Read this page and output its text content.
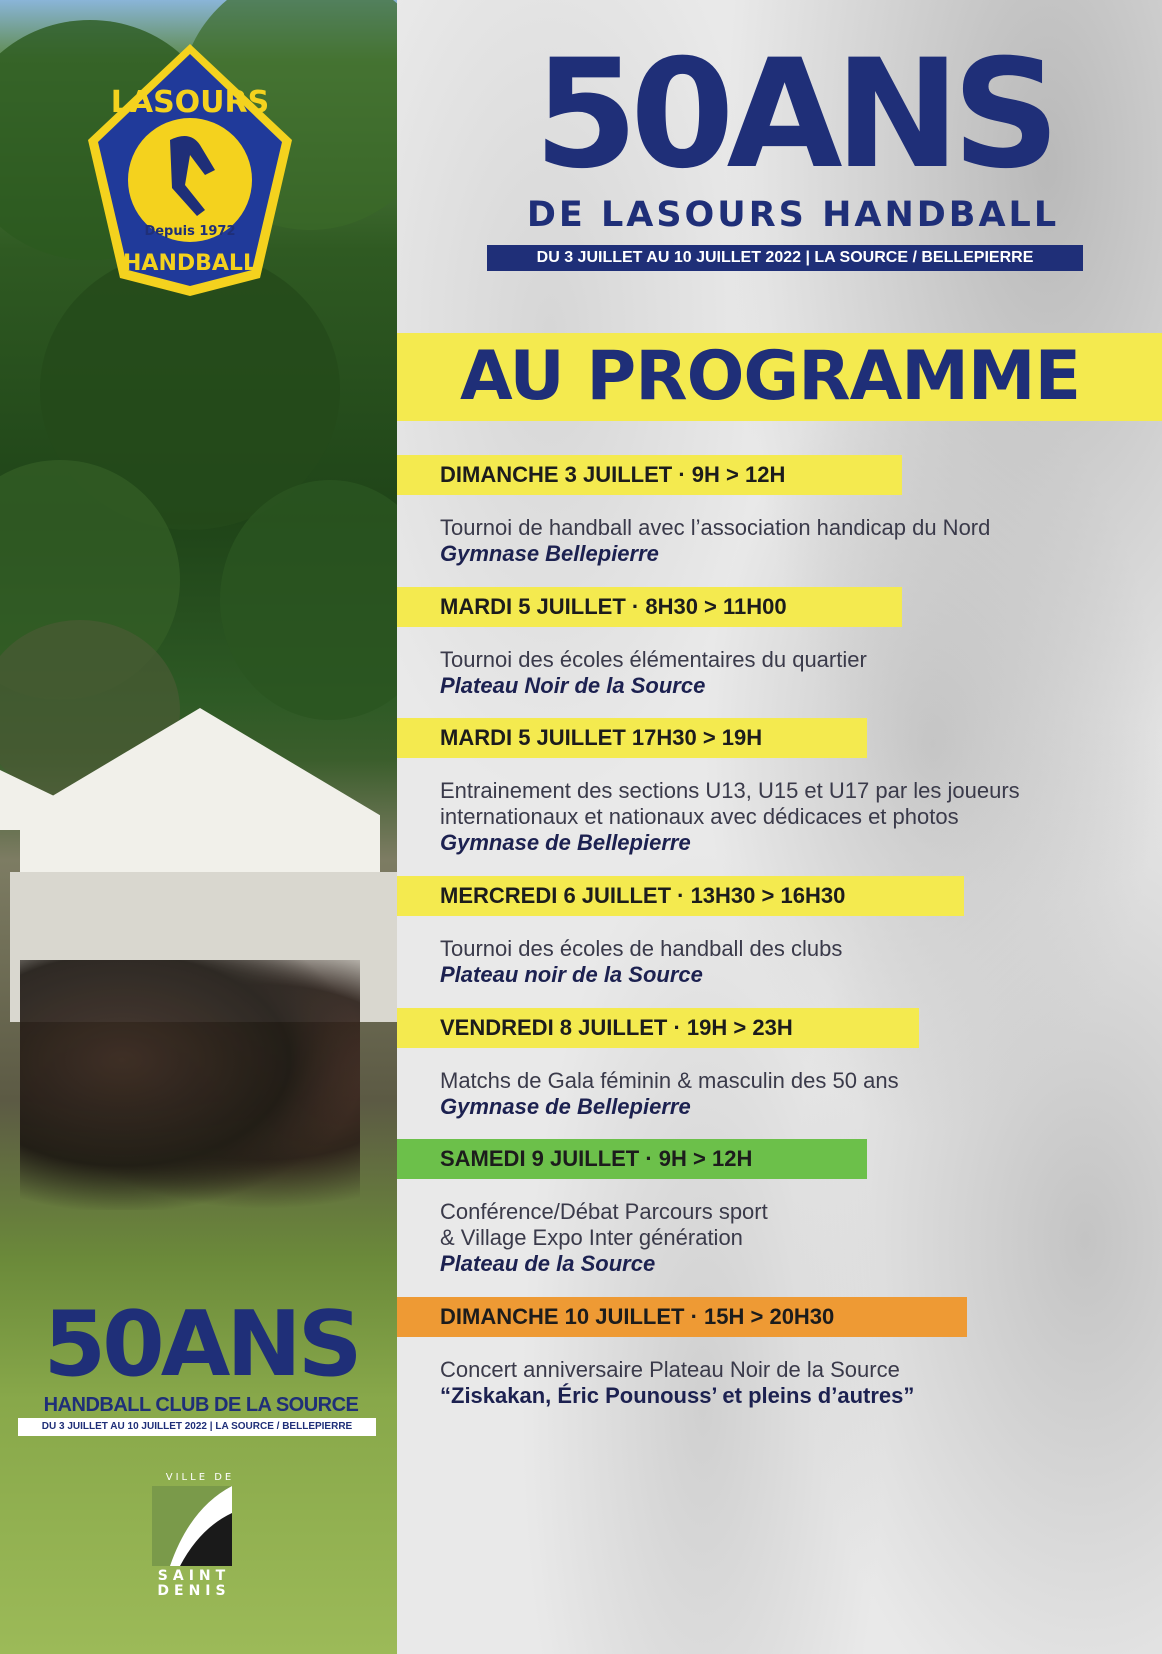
LASOURS
Depuis 1972
HANDBALL
50ANS
HANDBALL CLUB DE LA SOURCE
DU 3 JUILLET AU 10 JUILLET 2022 | LA SOURCE / BELLEPIERRE
VILLE DE
SAINT
DENIS
50ANS
DE LASOURS HANDBALL
DU 3 JUILLET AU 10 JUILLET 2022 | LA SOURCE / BELLEPIERRE
AU PROGRAMME
DIMANCHE 3 JUILLET · 9H > 12H
Tournoi de handball avec l’association handicap du Nord
Gymnase Bellepierre
MARDI 5 JUILLET · 8H30 > 11H00
Tournoi des écoles élémentaires du quartier
Plateau Noir de la Source
MARDI 5 JUILLET 17H30 > 19H
Entrainement des sections U13, U15 et U17 par les joueurs
internationaux et nationaux avec dédicaces et photos
Gymnase de Bellepierre
MERCREDI 6 JUILLET · 13H30 > 16H30
Tournoi des écoles de handball des clubs
Plateau noir de la Source
VENDREDI 8 JUILLET · 19H > 23H
Matchs de Gala féminin & masculin des 50 ans
Gymnase de Bellepierre
SAMEDI 9 JUILLET · 9H > 12H
Conférence/Débat Parcours sport
& Village Expo Inter génération
Plateau de la Source
DIMANCHE 10 JUILLET · 15H > 20H30
Concert anniversaire Plateau Noir de la Source
“Ziskakan, Éric Pounouss’ et pleins d’autres”
